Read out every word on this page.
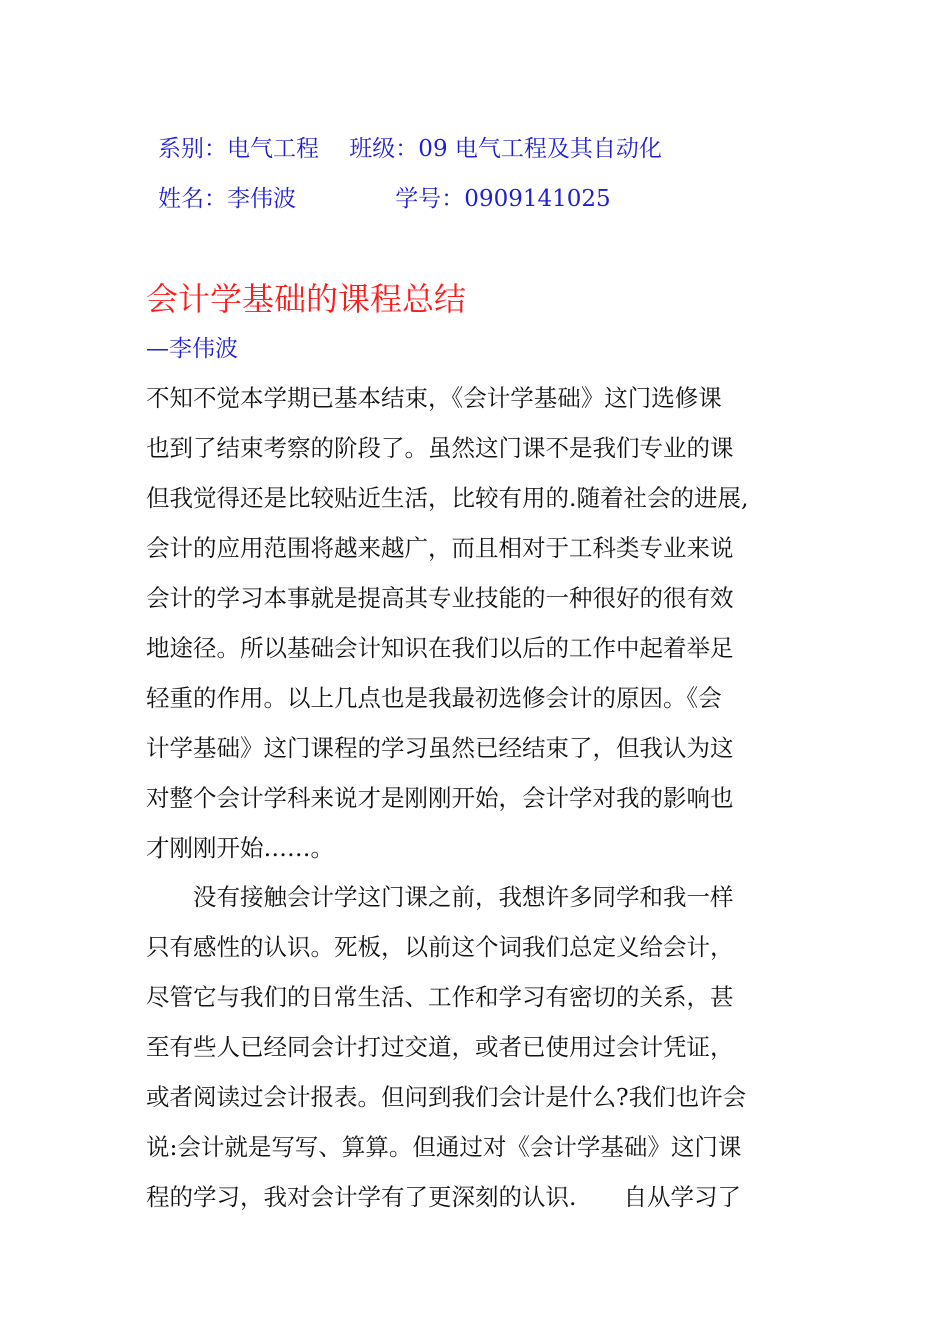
系别：电气工程　 班级：09 电气工程及其自动化
姓名：李伟波　　　　 学号：0909141025
会计学基础的课程总结
—李伟波
不知不觉本学期已基本结束，《会计学基础》这门选修课
也到了结束考察的阶段了。虽然这门课不是我们专业的课
但我觉得还是比较贴近生活，比较有用的.随着社会的进展,
会计的应用范围将越来越广，而且相对于工科类专业来说
会计的学习本事就是提高其专业技能的一种很好的很有效
地途径。所以基础会计知识在我们以后的工作中起着举足
轻重的作用。以上几点也是我最初选修会计的原因。《会
计学基础》这门课程的学习虽然已经结束了，但我认为这
对整个会计学科来说才是刚刚开始，会计学对我的影响也
才刚刚开始……。
　　没有接触会计学这门课之前，我想许多同学和我一样
只有感性的认识。死板，以前这个词我们总定义给会计，
尽管它与我们的日常生活、工作和学习有密切的关系，甚
至有些人已经同会计打过交道，或者已使用过会计凭证，
或者阅读过会计报表。但问到我们会计是什么?我们也许会
说:会计就是写写、算算。但通过对《会计学基础》这门课
程的学习，我对会计学有了更深刻的认识.　　自从学习了
